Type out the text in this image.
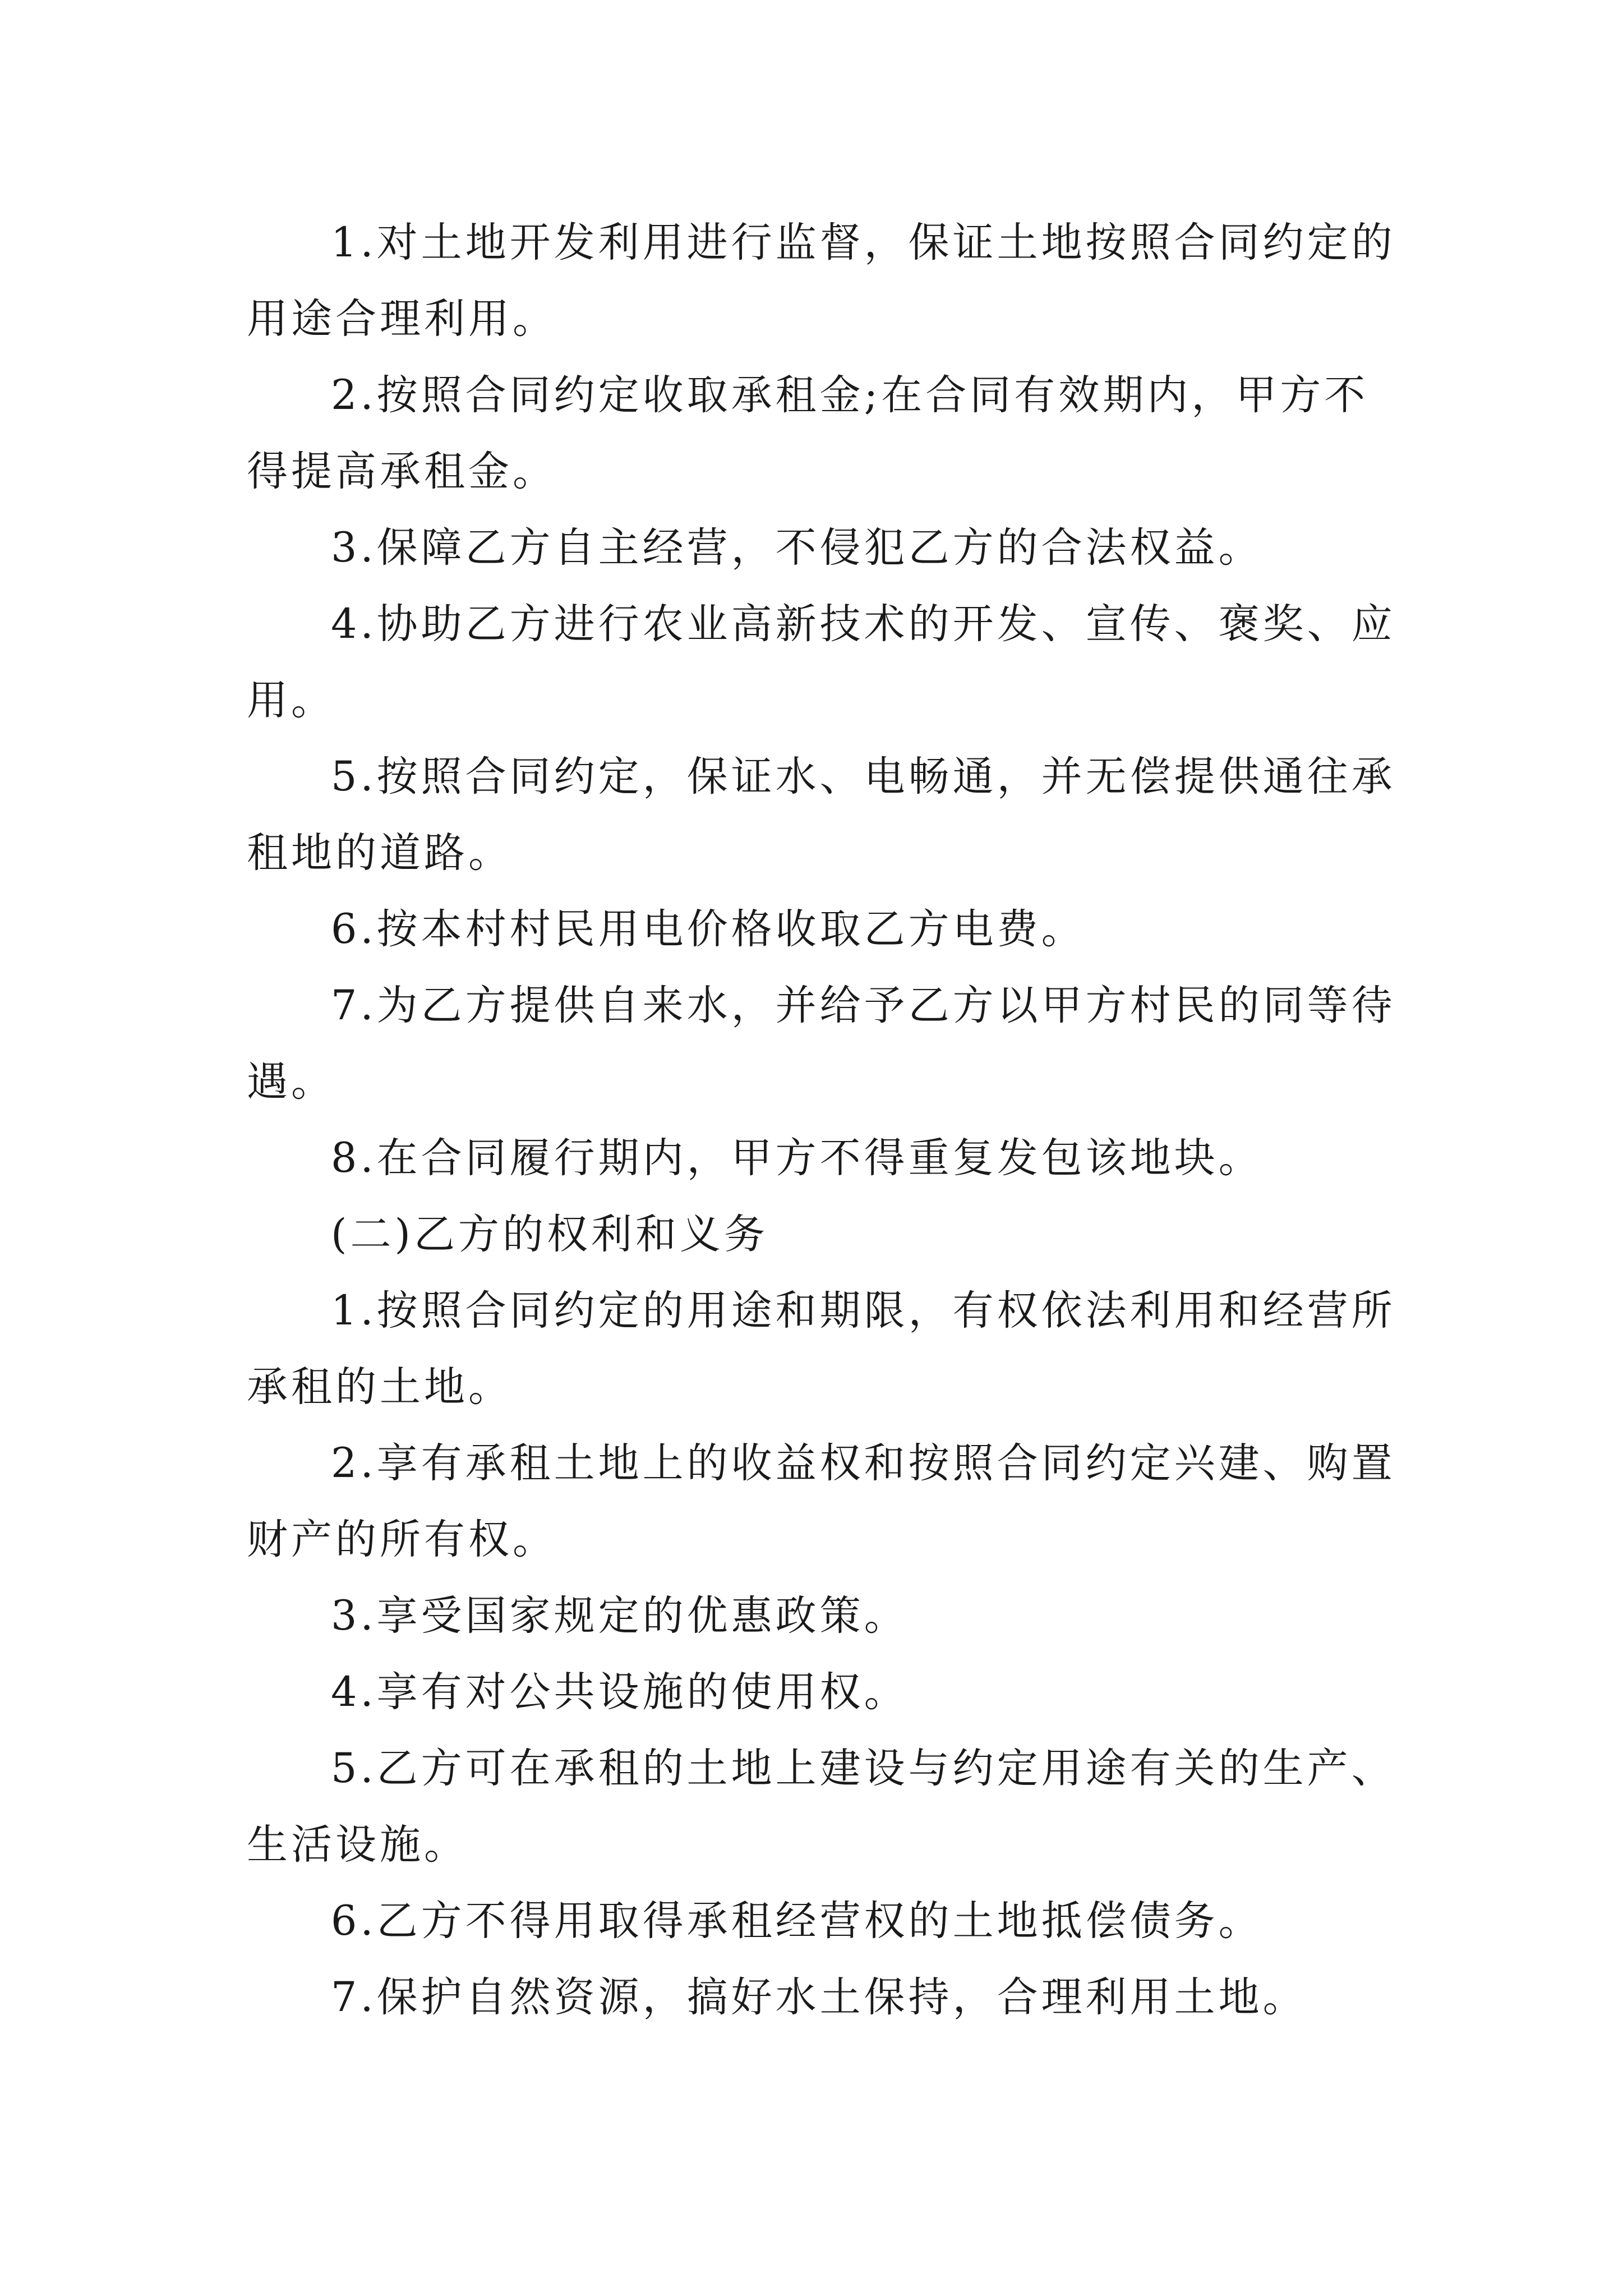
1.对土地开发利用进行监督，保证土地按照合同约定的用途合理利用。

2.按照合同约定收取承租金;在合同有效期内，甲方不得提高承租金。

3.保障乙方自主经营，不侵犯乙方的合法权益。

4.协助乙方进行农业高新技术的开发、宣传、褒奖、应用。

5.按照合同约定，保证水、电畅通，并无偿提供通往承租地的道路。

6.按本村村民用电价格收取乙方电费。

7.为乙方提供自来水，并给予乙方以甲方村民的同等待遇。

8.在合同履行期内，甲方不得重复发包该地块。

(二)乙方的权利和义务

1.按照合同约定的用途和期限，有权依法利用和经营所承租的土地。

2.享有承租土地上的收益权和按照合同约定兴建、购置财产的所有权。

3.享受国家规定的优惠政策。

4.享有对公共设施的使用权。

5.乙方可在承租的土地上建设与约定用途有关的生产、生活设施。

6.乙方不得用取得承租经营权的土地抵偿债务。

7.保护自然资源，搞好水土保持，合理利用土地。
